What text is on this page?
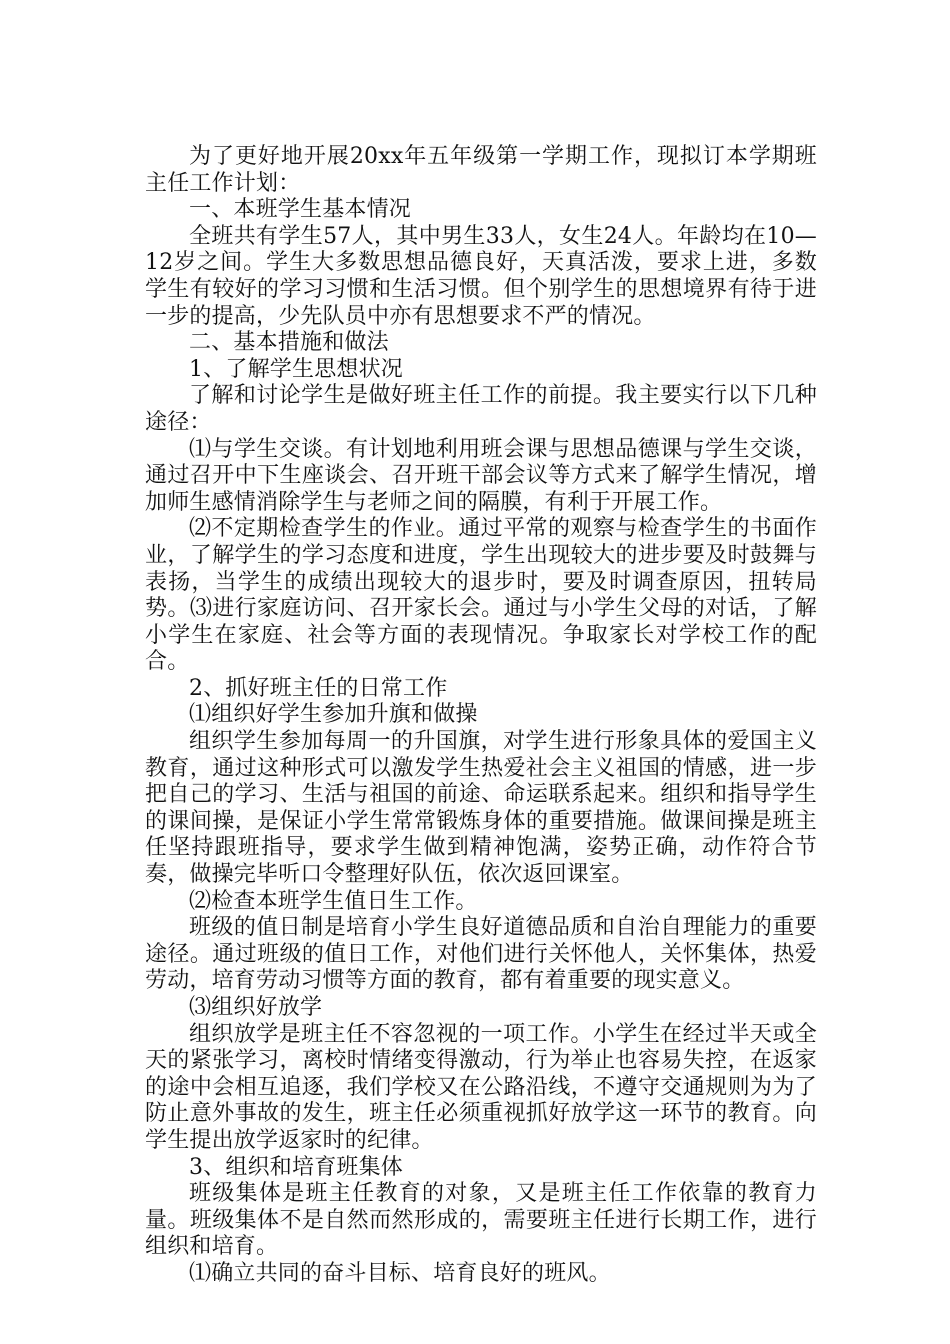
为了更好地开展20xx年五年级第一学期工作，现拟订本学期班主任工作计划：

一、本班学生基本情况

全班共有学生57人，其中男生33人，女生24人。年龄均在10—12岁之间。学生大多数思想品德良好，天真活泼，要求上进，多数学生有较好的学习习惯和生活习惯。但个别学生的思想境界有待于进一步的提高，少先队员中亦有思想要求不严的情况。

二、基本措施和做法

1、了解学生思想状况

了解和讨论学生是做好班主任工作的前提。我主要实行以下几种途径：

⑴与学生交谈。有计划地利用班会课与思想品德课与学生交谈，通过召开中下生座谈会、召开班干部会议等方式来了解学生情况，增加师生感情消除学生与老师之间的隔膜，有利于开展工作。

⑵不定期检查学生的作业。通过平常的观察与检查学生的书面作业，了解学生的学习态度和进度，学生出现较大的进步要及时鼓舞与表扬，当学生的成绩出现较大的退步时，要及时调查原因，扭转局势。⑶进行家庭访问、召开家长会。通过与小学生父母的对话，了解小学生在家庭、社会等方面的表现情况。争取家长对学校工作的配合。

2、抓好班主任的日常工作

⑴组织好学生参加升旗和做操

组织学生参加每周一的升国旗，对学生进行形象具体的爱国主义教育，通过这种形式可以激发学生热爱社会主义祖国的情感，进一步把自己的学习、生活与祖国的前途、命运联系起来。组织和指导学生的课间操，是保证小学生常常锻炼身体的重要措施。做课间操是班主任坚持跟班指导，要求学生做到精神饱满，姿势正确，动作符合节奏，做操完毕听口令整理好队伍，依次返回课室。

⑵检查本班学生值日生工作。

班级的值日制是培育小学生良好道德品质和自治自理能力的重要途径。通过班级的值日工作，对他们进行关怀他人，关怀集体，热爱劳动，培育劳动习惯等方面的教育，都有着重要的现实意义。

⑶组织好放学

组织放学是班主任不容忽视的一项工作。小学生在经过半天或全天的紧张学习，离校时情绪变得激动，行为举止也容易失控，在返家的途中会相互追逐，我们学校又在公路沿线，不遵守交通规则为为了防止意外事故的发生，班主任必须重视抓好放学这一环节的教育。向学生提出放学返家时的纪律。

3、组织和培育班集体

班级集体是班主任教育的对象，又是班主任工作依靠的教育力量。班级集体不是自然而然形成的，需要班主任进行长期工作，进行组织和培育。

⑴确立共同的奋斗目标、培育良好的班风。
